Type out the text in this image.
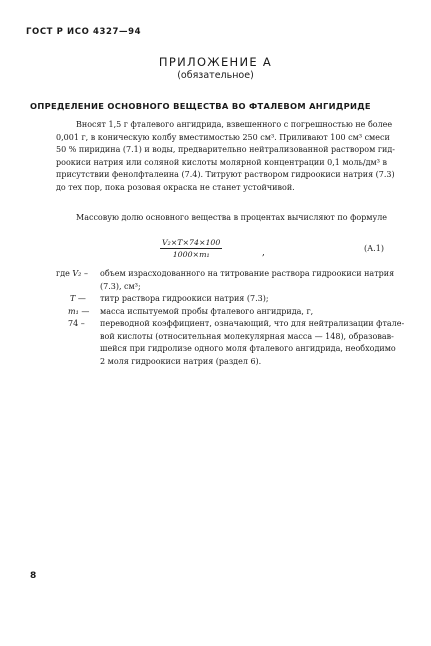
ГОСТ Р ИСО 4327—94
ПРИЛОЖЕНИЕ А
(обязательное)
ОПРЕДЕЛЕНИЕ ОСНОВНОГО ВЕЩЕСТВА ВО ФТАЛЕВОМ АНГИДРИДЕ
Вносят 1,5 г фталевого ангидрида, взвешенного с погрешностью не более
0,001 г, в коническую колбу вместимостью 250 см³. Приливают 100 см³ смеси
50 % пиридина (7.1) и воды, предварительно нейтрализованной раствором гид-
роокиси натрия или соляной кислоты молярной концентрации 0,1 моль/дм³ в
присутствии фенолфталеина (7.4). Титруют раствором гидроокиси натрия (7.3)
до тех пор, пока розовая окраска не станет устойчивой.
Массовую долю основного вещества в процентах вычисляют по формуле
$\frac{\text{V₂×T×74×100}}{\text{1000×m₁}}$	,	(А.1)
где V₂ – объем израсходованного на титрование раствора гидроокиси натрия
(7.3), см³;
T — титр раствора гидроокиси натрия (7.3);
m₁ — масса испытуемой пробы фталевого ангидрида, г,
74 – переводной коэффициент, означающий, что для нейтрализации фтале-
вой кислоты (относительная молекулярная масса — 148), образовав-
шейся при гидролизе одного моля фталевого ангидрида, необходимо
2 моля гидроокиси натрия (раздел 6).
8
